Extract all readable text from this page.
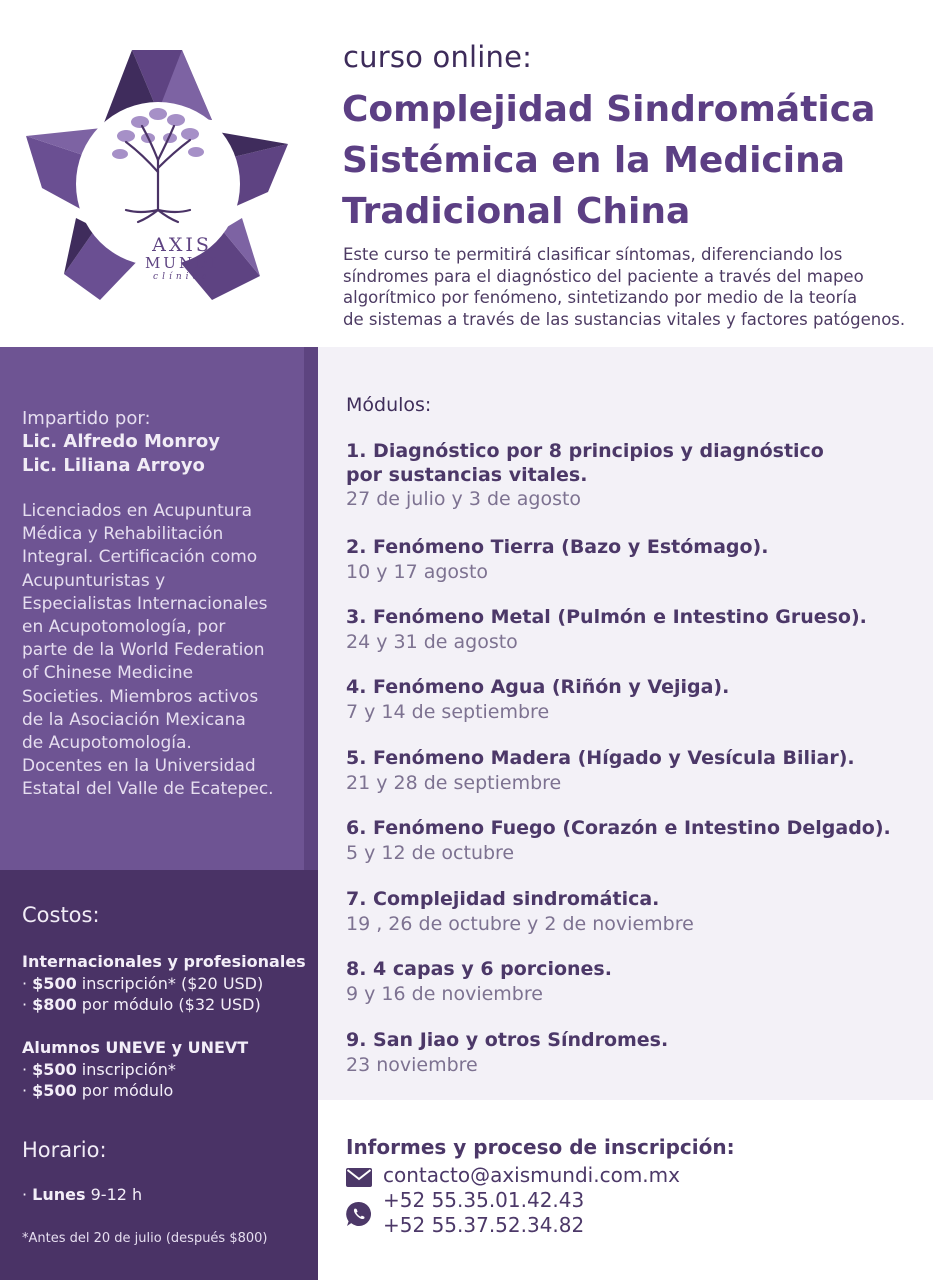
AXIS
MUNDI
clínica
curso online:
Complejidad Sindromática
Sistémica en la Medicina
Tradicional China
Este curso te permitirá clasificar síntomas, diferenciando los
síndromes para el diagnóstico del paciente a través del mapeo
algorítmico por fenómeno, sintetizando por medio de la teoría
de sistemas a través de las sustancias vitales y factores patógenos.
Impartido por:
Lic. Alfredo Monroy
Lic. Liliana Arroyo
Licenciados en Acupuntura
Médica y Rehabilitación
Integral. Certificación como
Acupunturistas y
Especialistas Internacionales
en Acupotomología, por
parte de la World Federation
of Chinese Medicine
Societies. Miembros activos
de la Asociación Mexicana
de Acupotomología.
Docentes en la Universidad
Estatal del Valle de Ecatepec.
Costos:
Internacionales y profesionales
· $500 inscripción* ($20 USD)
· $800 por módulo ($32 USD)
Alumnos UNEVE y UNEVT
· $500 inscripción*
· $500 por módulo
Horario:
· Lunes 9-12 h
*Antes del 20 de julio (después $800)
Módulos:
1. Diagnóstico por 8 principios y diagnóstico
por sustancias vitales.
27 de julio y 3 de agosto
2. Fenómeno Tierra (Bazo y Estómago).
10 y 17 agosto
3. Fenómeno Metal (Pulmón e Intestino Grueso).
24 y 31 de agosto
4. Fenómeno Agua (Riñón y Vejiga).
7 y 14 de septiembre
5. Fenómeno Madera (Hígado y Vesícula Biliar).
21 y 28 de septiembre
6. Fenómeno Fuego (Corazón e Intestino Delgado).
5 y 12 de octubre
7. Complejidad sindromática.
19 , 26 de octubre y 2 de noviembre
8. 4 capas y 6 porciones.
9 y 16 de noviembre
9. San Jiao y otros Síndromes.
23 noviembre
Informes y proceso de inscripción:
contacto@axismundi.com.mx
+52 55.35.01.42.43
+52 55.37.52.34.82
